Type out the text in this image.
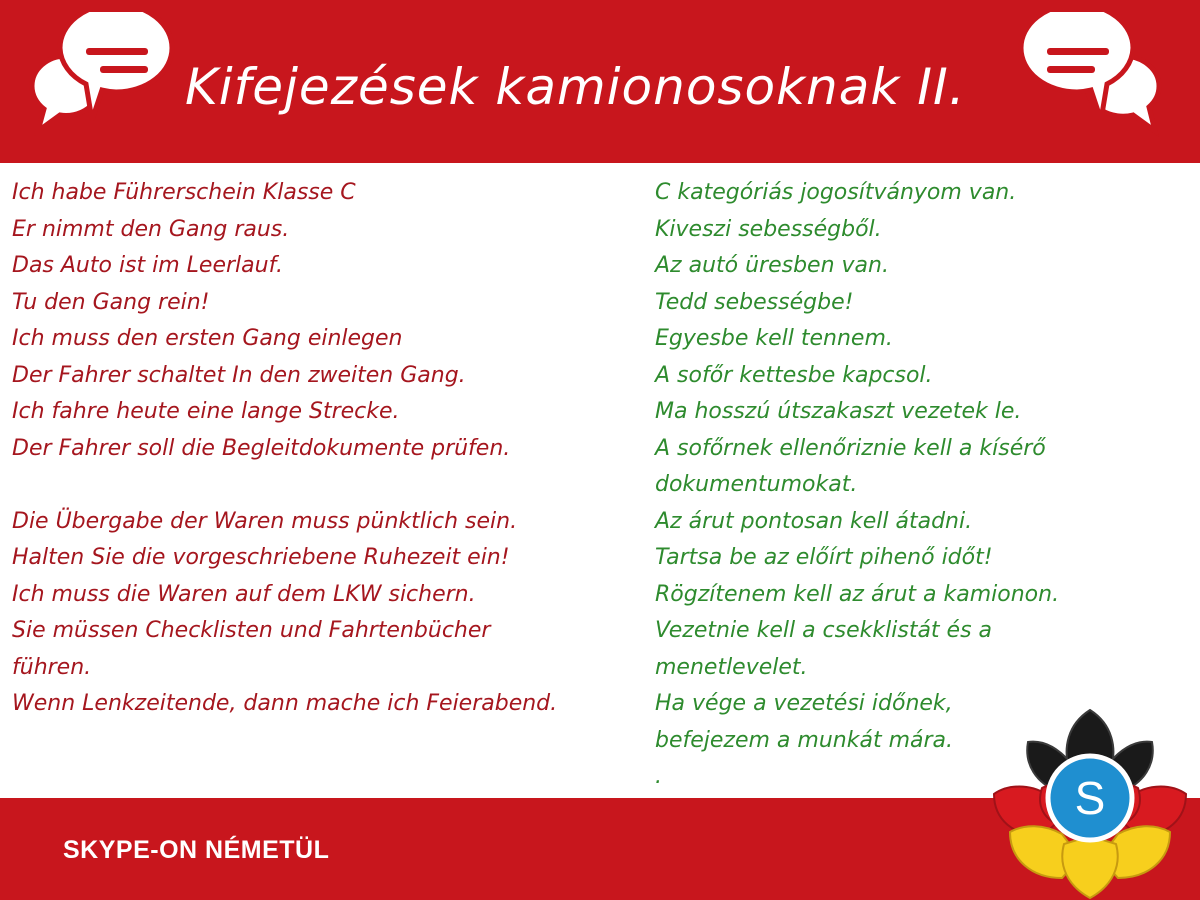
Kifejezések kamionosoknak II.
Ich habe Führerschein Klasse C
Er nimmt den Gang raus.
Das Auto ist im Leerlauf.
Tu den Gang rein!
Ich muss den ersten Gang einlegen
Der Fahrer schaltet In den zweiten Gang.
Ich fahre heute eine lange Strecke.
Der Fahrer soll die Begleitdokumente prüfen.
Die Übergabe der Waren muss pünktlich sein.
Halten Sie die vorgeschriebene Ruhezeit ein!
Ich muss die Waren auf dem LKW sichern.
Sie müssen Checklisten und Fahrtenbücher
führen.
Wenn Lenkzeitende, dann mache ich Feierabend.
C kategóriás jogosítványom van.
Kiveszi sebességből.
Az autó üresben van.
Tedd sebességbe!
Egyesbe kell tennem.
A sofőr kettesbe kapcsol.
Ma hosszú útszakaszt vezetek le.
A sofőrnek ellenőriznie kell a kísérő
dokumentumokat.
Az árut pontosan kell átadni.
Tartsa be az előírt pihenő időt!
Rögzítenem kell az árut a kamionon.
Vezetnie kell a csekklistát és a
menetlevelet.
Ha vége a vezetési időnek,
befejezem a munkát mára.
.
SKYPE-ON NÉMETÜL
S
